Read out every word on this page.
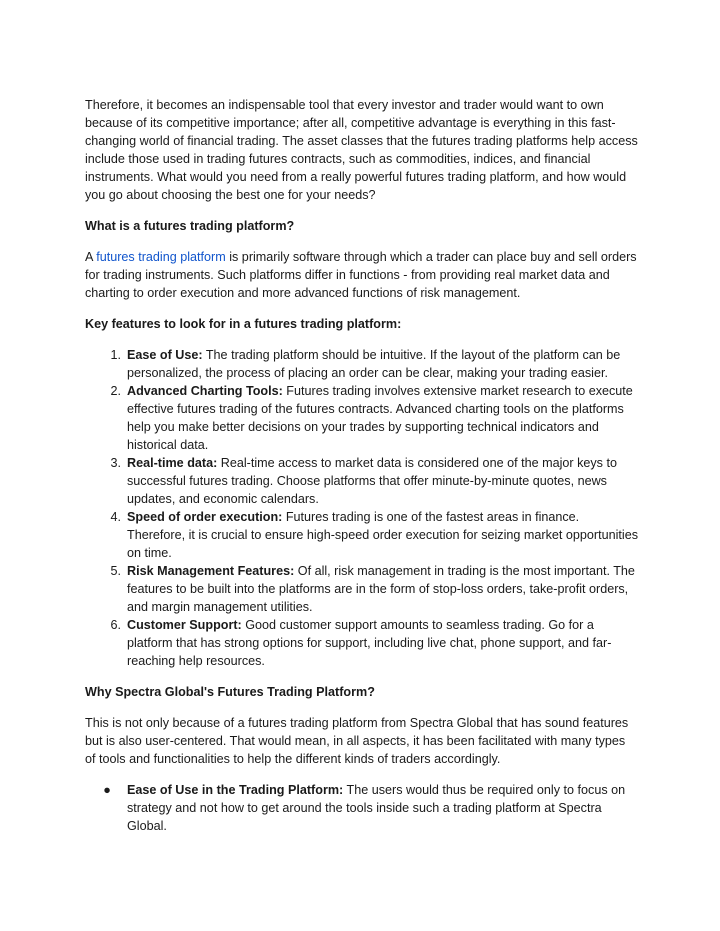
Therefore, it becomes an indispensable tool that every investor and trader would want to own because of its competitive importance; after all, competitive advantage is everything in this fast-changing world of financial trading. The asset classes that the futures trading platforms help access include those used in trading futures contracts, such as commodities, indices, and financial instruments. What would you need from a really powerful futures trading platform, and how would you go about choosing the best one for your needs?

What is a futures trading platform?

A futures trading platform is primarily software through which a trader can place buy and sell orders for trading instruments. Such platforms differ in functions - from providing real market data and charting to order execution and more advanced functions of risk management.

Key features to look for in a futures trading platform:

1. Ease of Use: The trading platform should be intuitive. If the layout of the platform can be personalized, the process of placing an order can be clear, making your trading easier.
2. Advanced Charting Tools: Futures trading involves extensive market research to execute effective futures trading of the futures contracts. Advanced charting tools on the platforms help you make better decisions on your trades by supporting technical indicators and historical data.
3. Real-time data: Real-time access to market data is considered one of the major keys to successful futures trading. Choose platforms that offer minute-by-minute quotes, news updates, and economic calendars.
4. Speed of order execution: Futures trading is one of the fastest areas in finance. Therefore, it is crucial to ensure high-speed order execution for seizing market opportunities on time.
5. Risk Management Features: Of all, risk management in trading is the most important. The features to be built into the platforms are in the form of stop-loss orders, take-profit orders, and margin management utilities.
6. Customer Support: Good customer support amounts to seamless trading. Go for a platform that has strong options for support, including live chat, phone support, and far-reaching help resources.

Why Spectra Global's Futures Trading Platform?

This is not only because of a futures trading platform from Spectra Global that has sound features but is also user-centered. That would mean, in all aspects, it has been facilitated with many types of tools and functionalities to help the different kinds of traders accordingly.

● Ease of Use in the Trading Platform: The users would thus be required only to focus on strategy and not how to get around the tools inside such a trading platform at Spectra Global.
